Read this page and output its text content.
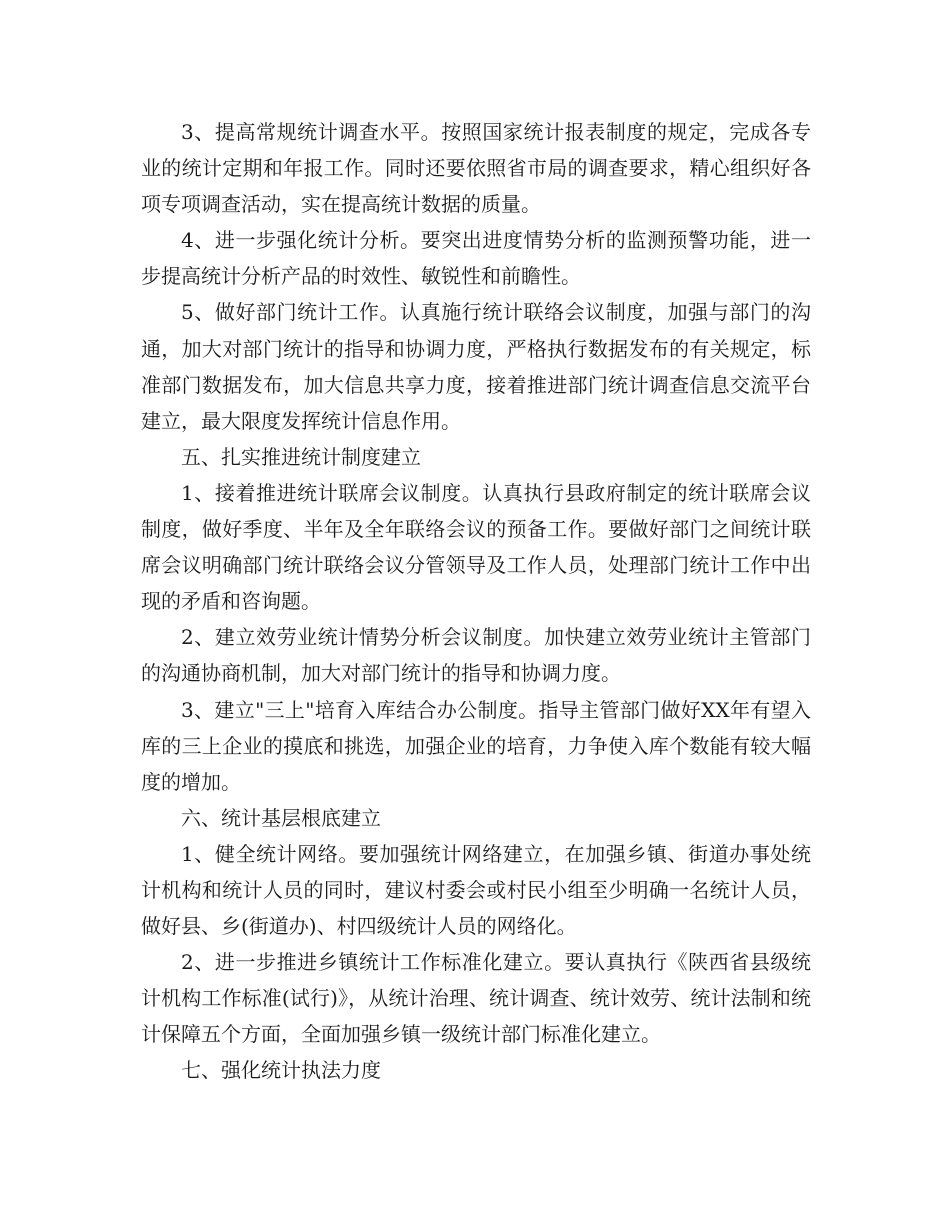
3、提高常规统计调查水平。按照国家统计报表制度的规定，完成各专业的统计定期和年报工作。同时还要依照省市局的调查要求，精心组织好各项专项调查活动，实在提高统计数据的质量。

4、进一步强化统计分析。要突出进度情势分析的监测预警功能，进一步提高统计分析产品的时效性、敏锐性和前瞻性。

5、做好部门统计工作。认真施行统计联络会议制度，加强与部门的沟通，加大对部门统计的指导和协调力度，严格执行数据发布的有关规定，标准部门数据发布，加大信息共享力度，接着推进部门统计调查信息交流平台建立，最大限度发挥统计信息作用。

五、扎实推进统计制度建立

1、接着推进统计联席会议制度。认真执行县政府制定的统计联席会议制度，做好季度、半年及全年联络会议的预备工作。要做好部门之间统计联席会议明确部门统计联络会议分管领导及工作人员，处理部门统计工作中出现的矛盾和咨询题。

2、建立效劳业统计情势分析会议制度。加快建立效劳业统计主管部门的沟通协商机制，加大对部门统计的指导和协调力度。

3、建立"三上"培育入库结合办公制度。指导主管部门做好XX年有望入库的三上企业的摸底和挑选，加强企业的培育，力争使入库个数能有较大幅度的增加。

六、统计基层根底建立

1、健全统计网络。要加强统计网络建立，在加强乡镇、街道办事处统计机构和统计人员的同时，建议村委会或村民小组至少明确一名统计人员，做好县、乡(街道办)、村四级统计人员的网络化。

2、进一步推进乡镇统计工作标准化建立。要认真执行《陕西省县级统计机构工作标准(试行)》，从统计治理、统计调查、统计效劳、统计法制和统计保障五个方面，全面加强乡镇一级统计部门标准化建立。

七、强化统计执法力度
